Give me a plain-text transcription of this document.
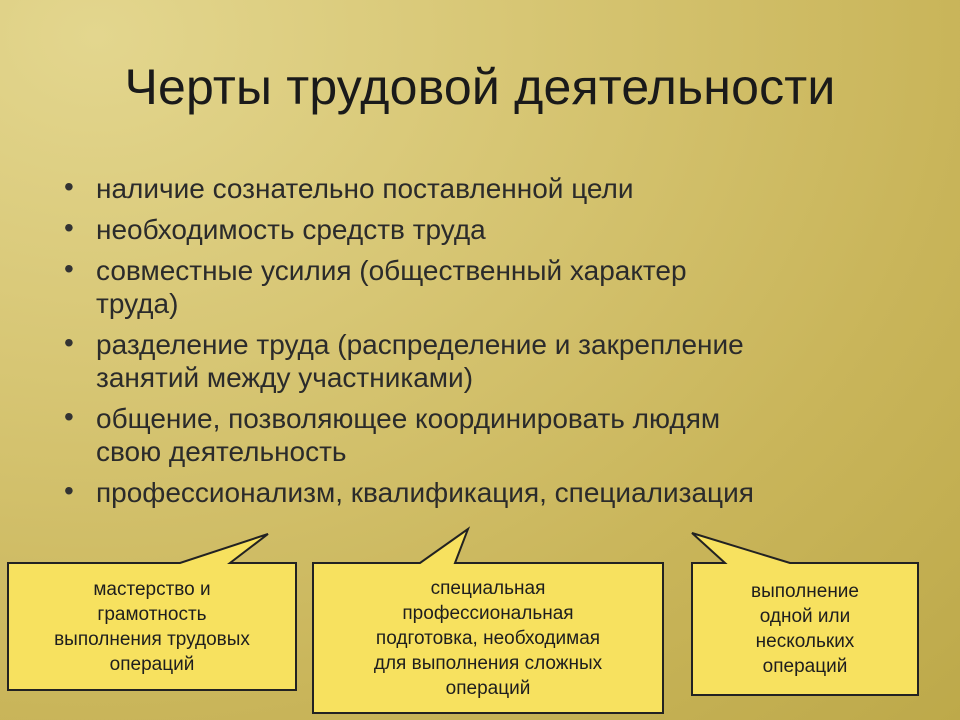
Черты трудовой деятельности
• наличие сознательно поставленной цели
• необходимость средств труда
• совместные усилия (общественный характер
труда)
• разделение труда (распределение и закрепление
занятий между участниками)
• общение, позволяющее координировать людям
свою деятельность
• профессионализм, квалификация, специализация
мастерство и
грамотность
выполнения трудовых
операций
специальная
профессиональная
подготовка, необходимая
для выполнения сложных
операций
выполнение
одной или
нескольких
операций
